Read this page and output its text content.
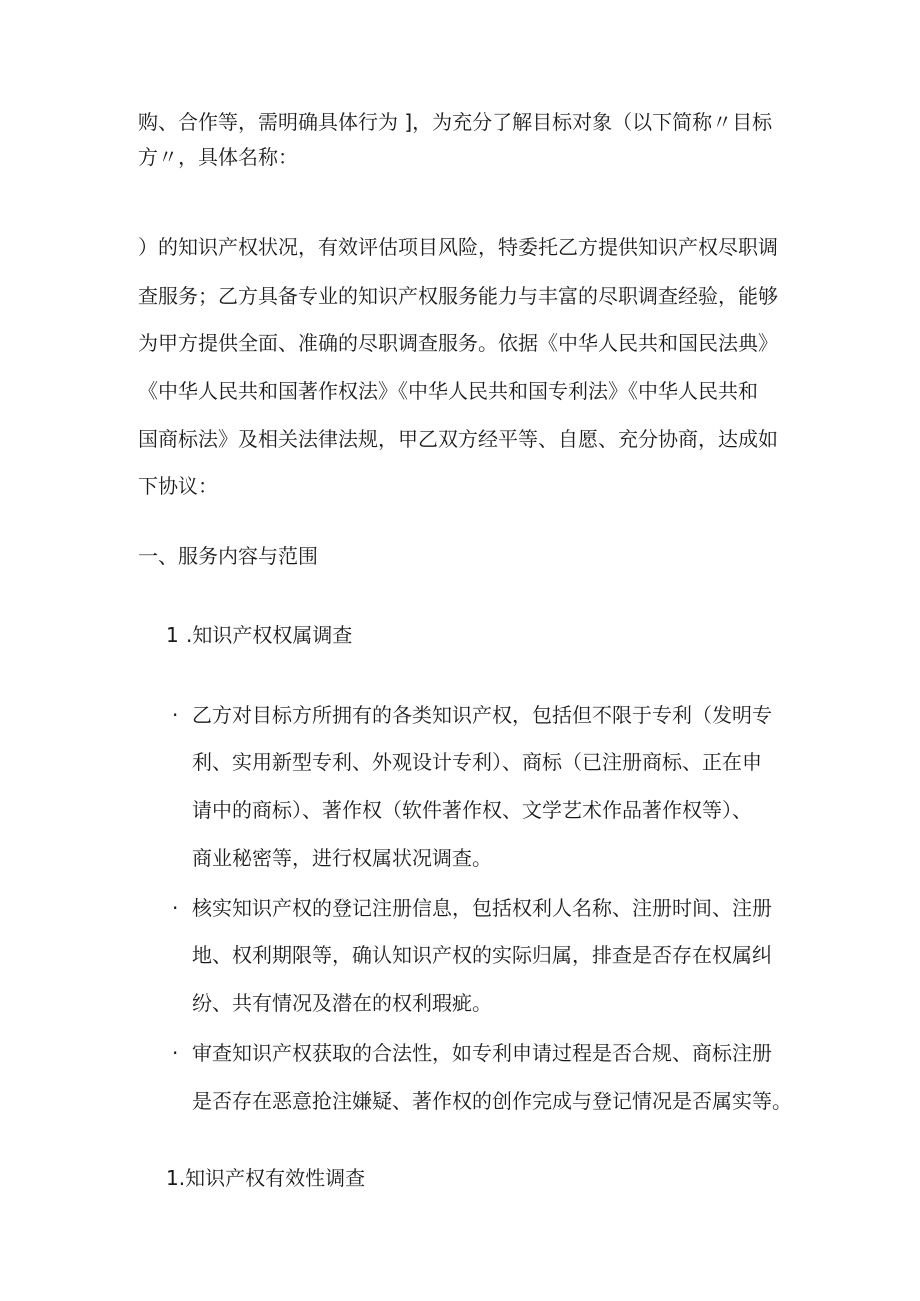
购、合作等，需明确具体行为 ]，为充分了解目标对象（以下简称〃目标
方〃，具体名称：
）的知识产权状况，有效评估项目风险，特委托乙方提供知识产权尽职调
查服务；乙方具备专业的知识产权服务能力与丰富的尽职调查经验，能够
为甲方提供全面、准确的尽职调查服务。依据《中华人民共和国民法典》
《中华人民共和国著作权法》《中华人民共和国专利法》《中华人民共和
国商标法》及相关法律法规，甲乙双方经平等、自愿、充分协商，达成如
下协议：
一、服务内容与范围
1 .知识产权权属调查
· 乙方对目标方所拥有的各类知识产权，包括但不限于专利（发明专
利、实用新型专利、外观设计专利）、商标（已注册商标、正在申
请中的商标）、著作权（软件著作权、文学艺术作品著作权等）、
商业秘密等，进行权属状况调查。
· 核实知识产权的登记注册信息，包括权利人名称、注册时间、注册
地、权利期限等，确认知识产权的实际归属，排查是否存在权属纠
纷、共有情况及潜在的权利瑕疵。
· 审查知识产权获取的合法性，如专利申请过程是否合规、商标注册
是否存在恶意抢注嫌疑、著作权的创作完成与登记情况是否属实等。
1.知识产权有效性调查
